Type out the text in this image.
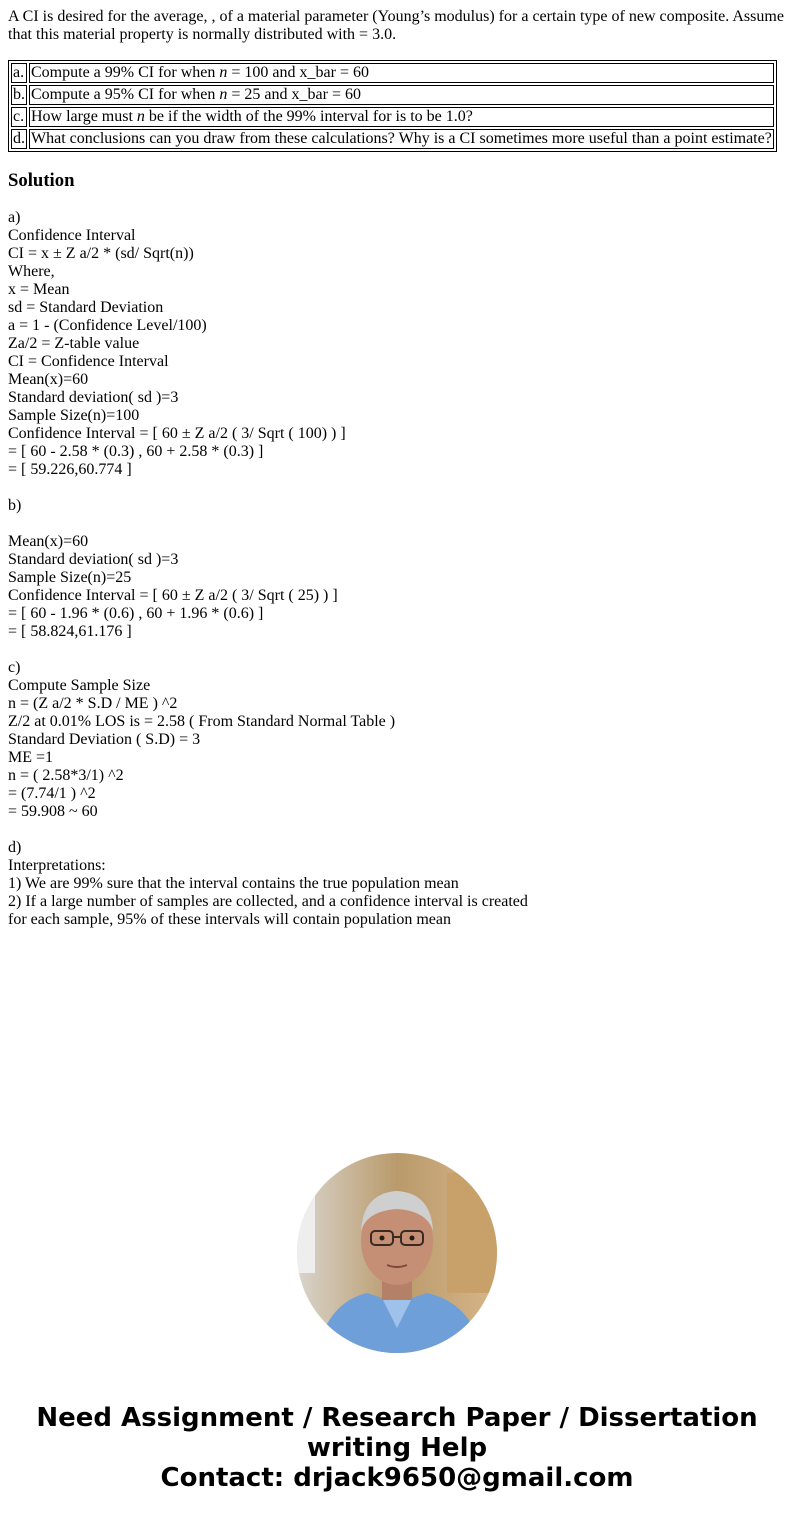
A CI is desired for the average, , of a material parameter (Young’s modulus) for a certain type of new composite. Assume
that this material property is normally distributed with = 3.0.

a.	Compute a 99% CI for when n = 100 and x_bar = 60
b.	Compute a 95% CI for when n = 25 and x_bar = 60
c.	How large must n be if the width of the 99% interval for is to be 1.0?
d.	What conclusions can you draw from these calculations? Why is a CI sometimes more useful than a point estimate?
Solution
a)
Confidence Interval
CI = x ± Z a/2 * (sd/ Sqrt(n))
Where,
x = Mean
sd = Standard Deviation
a = 1 - (Confidence Level/100)
Za/2 = Z-table value
CI = Confidence Interval
Mean(x)=60
Standard deviation( sd )=3
Sample Size(n)=100
Confidence Interval = [ 60 ± Z a/2 ( 3/ Sqrt ( 100) ) ]
= [ 60 - 2.58 * (0.3) , 60 + 2.58 * (0.3) ]
= [ 59.226,60.774 ]
b)
Mean(x)=60
Standard deviation( sd )=3
Sample Size(n)=25
Confidence Interval = [ 60 ± Z a/2 ( 3/ Sqrt ( 25) ) ]
= [ 60 - 1.96 * (0.6) , 60 + 1.96 * (0.6) ]
= [ 58.824,61.176 ]
c)
Compute Sample Size
n = (Z a/2 * S.D / ME ) ^2
Z/2 at 0.01% LOS is = 2.58 ( From Standard Normal Table )
Standard Deviation ( S.D) = 3
ME =1
n = ( 2.58*3/1) ^2
= (7.74/1 ) ^2
= 59.908 ~ 60
d)
Interpretations:
1) We are 99% sure that the interval contains the true population mean
2) If a large number of samples are collected, and a confidence interval is created
for each sample, 95% of these intervals will contain population mean
Need Assignment / Research Paper / Dissertation
writing Help
Contact: drjack9650@gmail.com
